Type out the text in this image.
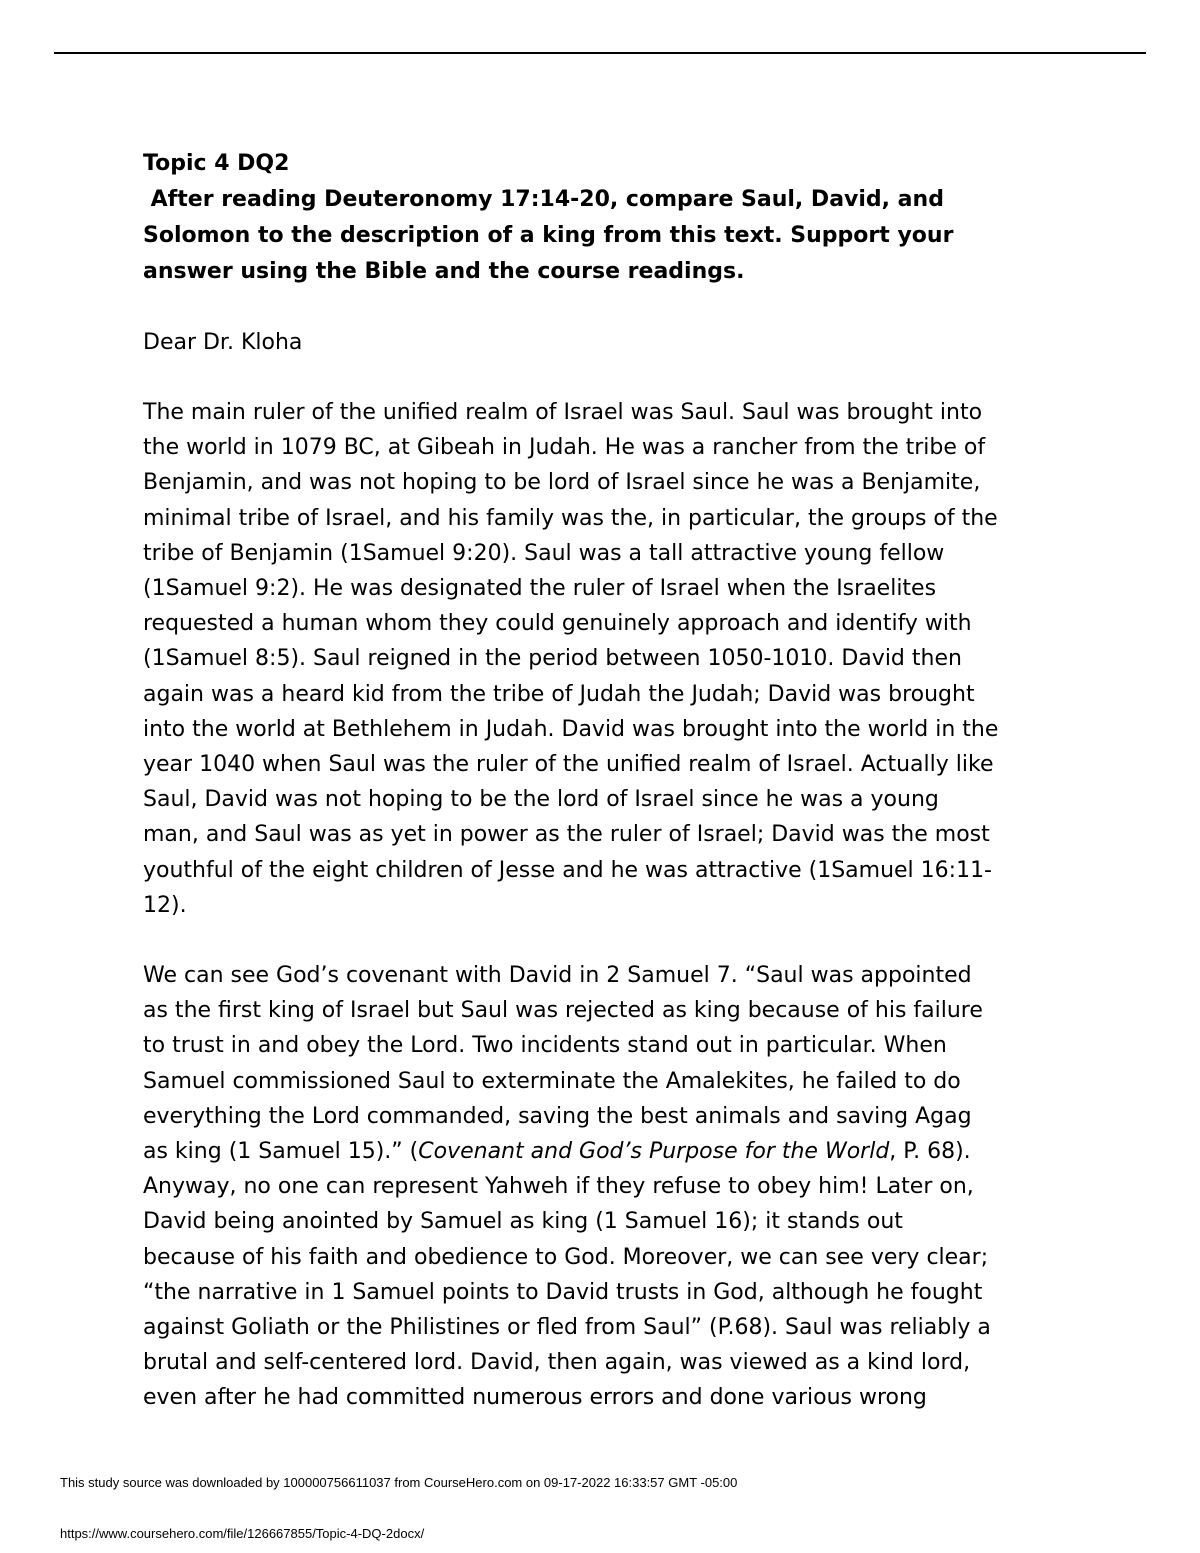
Topic 4 DQ2

After reading Deuteronomy 17:14-20, compare Saul, David, and

Solomon to the description of a king from this text. Support your

answer using the Bible and the course readings.

Dear Dr. Kloha

The main ruler of the unified realm of Israel was Saul. Saul was brought into

the world in 1079 BC, at Gibeah in Judah. He was a rancher from the tribe of

Benjamin, and was not hoping to be lord of Israel since he was a Benjamite,

minimal tribe of Israel, and his family was the, in particular, the groups of the

tribe of Benjamin (1Samuel 9:20). Saul was a tall attractive young fellow

(1Samuel 9:2). He was designated the ruler of Israel when the Israelites

requested a human whom they could genuinely approach and identify with

(1Samuel 8:5). Saul reigned in the period between 1050-1010. David then

again was a heard kid from the tribe of Judah the Judah; David was brought

into the world at Bethlehem in Judah. David was brought into the world in the

year 1040 when Saul was the ruler of the unified realm of Israel. Actually like

Saul, David was not hoping to be the lord of Israel since he was a young

man, and Saul was as yet in power as the ruler of Israel; David was the most

youthful of the eight children of Jesse and he was attractive (1Samuel 16:11-

12).

We can see God’s covenant with David in 2 Samuel 7. “Saul was appointed

as the first king of Israel but Saul was rejected as king because of his failure

to trust in and obey the Lord. Two incidents stand out in particular. When

Samuel commissioned Saul to exterminate the Amalekites, he failed to do

everything the Lord commanded, saving the best animals and saving Agag

as king (1 Samuel 15).” (Covenant and God’s Purpose for the World, P. 68).

Anyway, no one can represent Yahweh if they refuse to obey him! Later on,

David being anointed by Samuel as king (1 Samuel 16); it stands out

because of his faith and obedience to God. Moreover, we can see very clear;

“the narrative in 1 Samuel points to David trusts in God, although he fought

against Goliath or the Philistines or fled from Saul” (P.68). Saul was reliably a

brutal and self-centered lord. David, then again, was viewed as a kind lord,

even after he had committed numerous errors and done various wrong

This study source was downloaded by 100000756611037 from CourseHero.com on 09-17-2022 16:33:57 GMT -05:00
https://www.coursehero.com/file/126667855/Topic-4-DQ-2docx/
